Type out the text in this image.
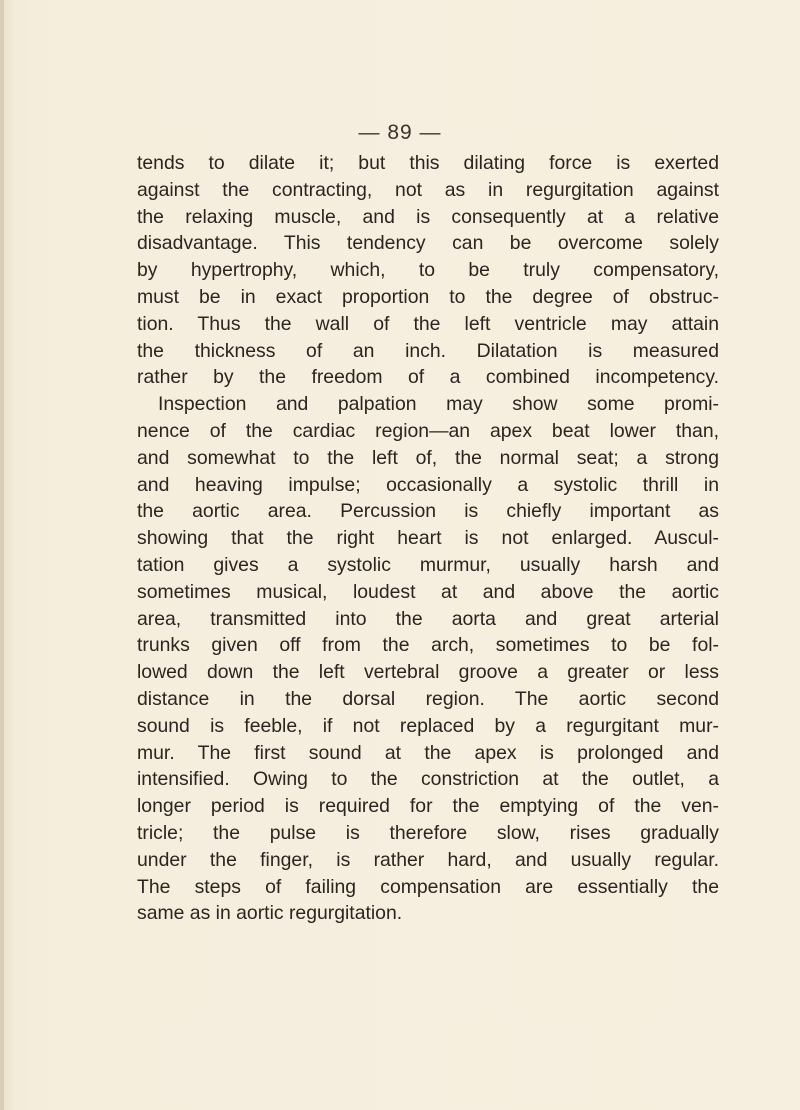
— 89 —
tends to dilate it; but this dilating force is exerted
against the contracting, not as in regurgitation against
the relaxing muscle, and is consequently at a relative
disadvantage. This tendency can be overcome solely
by hypertrophy, which, to be truly compensatory,
must be in exact proportion to the degree of obstruc-
tion. Thus the wall of the left ventricle may attain
the thickness of an inch. Dilatation is measured
rather by the freedom of a combined incompetency.
Inspection and palpation may show some promi-
nence of the cardiac region—an apex beat lower than,
and somewhat to the left of, the normal seat; a strong
and heaving impulse; occasionally a systolic thrill in
the aortic area. Percussion is chiefly important as
showing that the right heart is not enlarged. Auscul-
tation gives a systolic murmur, usually harsh and
sometimes musical, loudest at and above the aortic
area, transmitted into the aorta and great arterial
trunks given off from the arch, sometimes to be fol-
lowed down the left vertebral groove a greater or less
distance in the dorsal region. The aortic second
sound is feeble, if not replaced by a regurgitant mur-
mur. The first sound at the apex is prolonged and
intensified. Owing to the constriction at the outlet, a
longer period is required for the emptying of the ven-
tricle; the pulse is therefore slow, rises gradually
under the finger, is rather hard, and usually regular.
The steps of failing compensation are essentially the
same as in aortic regurgitation.
